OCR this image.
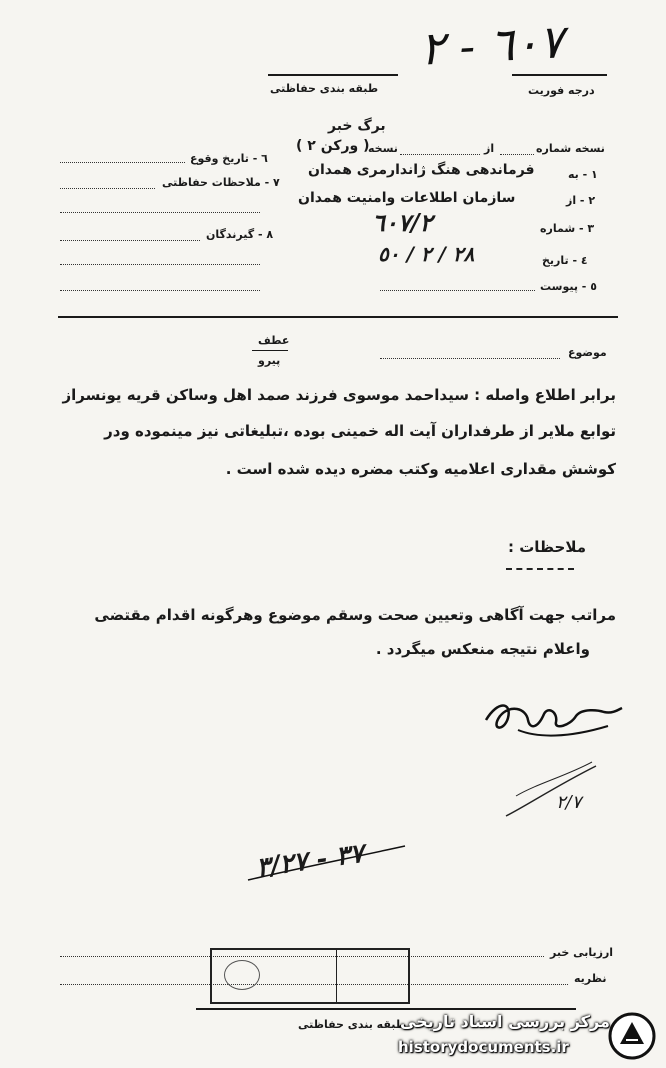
٦٠٧ - ٢
درجه فوریت
طبقه بندی حفاظتی
برگ خبر
نسخه شماره
از
نسخه
( ورکن ٢ )
٦ - تاریخ وقوع
١ - به
فرماندهی هنگ ژاندارمری همدان
٧ - ملاحظات حفاظتی
٢ - از
سازمان اطلاعات وامنیت همدان
٣ - شماره
٦٠٧/٢
٨ - گیرندگان
٤ - تاریخ
٢٨ / ٢ / ٥٠
٥ - پیوست
عطف
پیرو
موضوع
برابر اطلاع واصله : سیداحمد موسوی فرزند صمد اهل وساکن قریه یونسراز
توابع ملایر از طرفداران آیت اله خمینی بوده ،تبلیغاتی نیز مینموده ودر
کوشش مقداری اعلامیه وکتب مضره دیده شده است .
ملاحظات :
مراتب جهت آگاهی وتعیین صحت وسقم موضوع وهرگونه اقدام مقتضی
واعلام نتیجه منعکس میگردد .
٢/٧
٣٧ - ٣/٢٧
ارزیابی خبر
نظریه
طبقه بندی حفاظتی
مرکز بررسی اسناد تاریخی
historydocuments.ir
